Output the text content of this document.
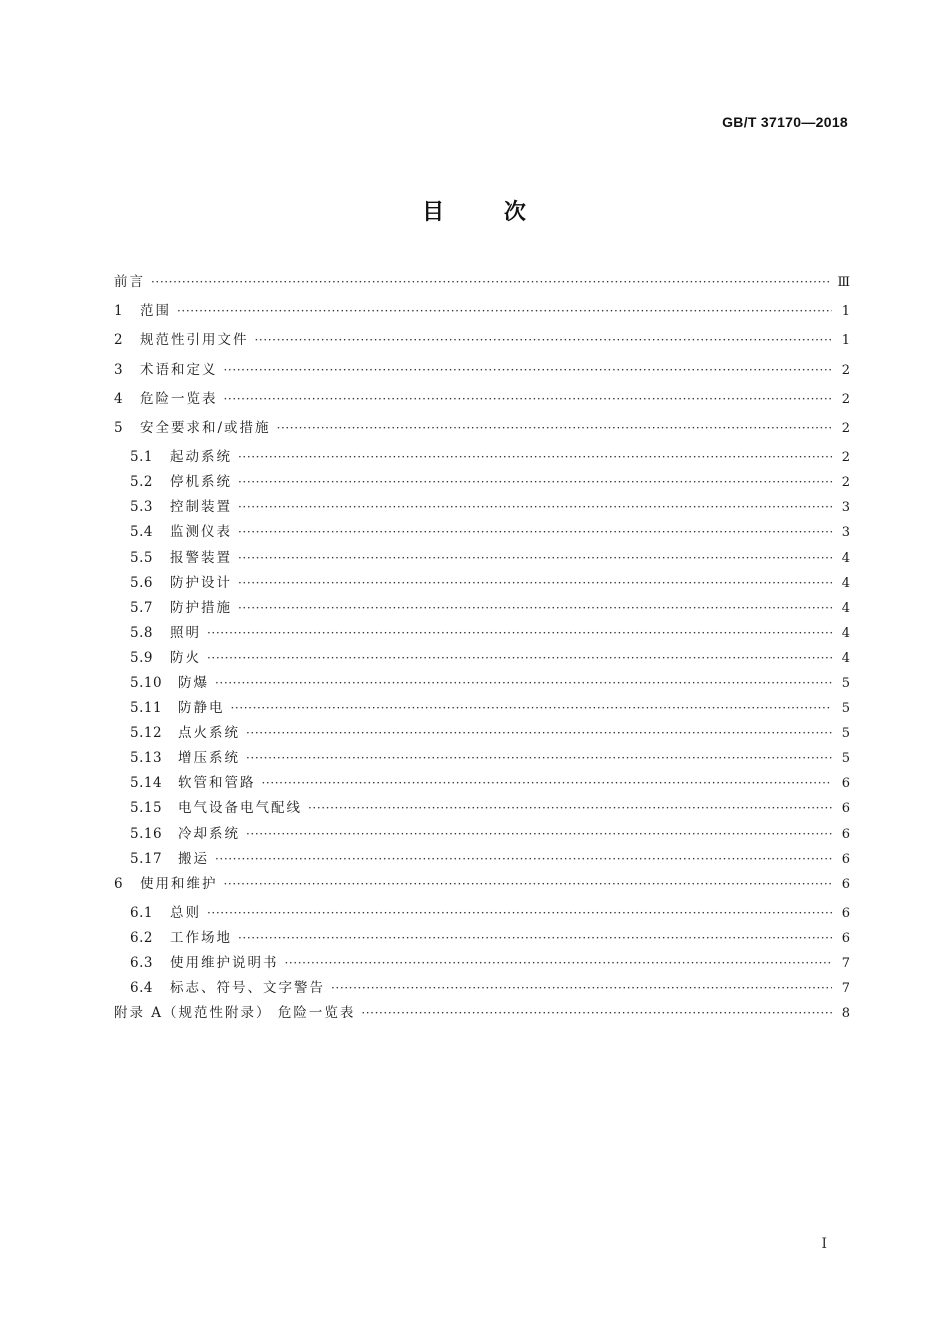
GB/T 37170—2018
目 次
前言 ·····	Ⅲ
1	范围 ·····	1
2	规范性引用文件 ·····	1
3	术语和定义 ·····	2
4	危险一览表 ·····	2
5	安全要求和/或措施 ·····	2
5.1	起动系统 ·····	2
5.2	停机系统 ·····	2
5.3	控制装置 ·····	3
5.4	监测仪表 ·····	3
5.5	报警装置 ·····	4
5.6	防护设计 ·····	4
5.7	防护措施 ·····	4
5.8	照明 ·····	4
5.9	防火 ·····	4
5.10	防爆 ·····	5
5.11	防静电 ·····	5
5.12	点火系统 ·····	5
5.13	增压系统 ·····	5
5.14	软管和管路 ·····	6
5.15	电气设备电气配线 ·····	6
5.16	冷却系统 ·····	6
5.17	搬运 ·····	6
6	使用和维护 ·····	6
6.1	总则 ·····	6
6.2	工作场地 ·····	6
6.3	使用维护说明书 ·····	7
6.4	标志、符号、文字警告 ·····	7
附录 A（规范性附录） 危险一览表 ·····	8
Ⅰ
